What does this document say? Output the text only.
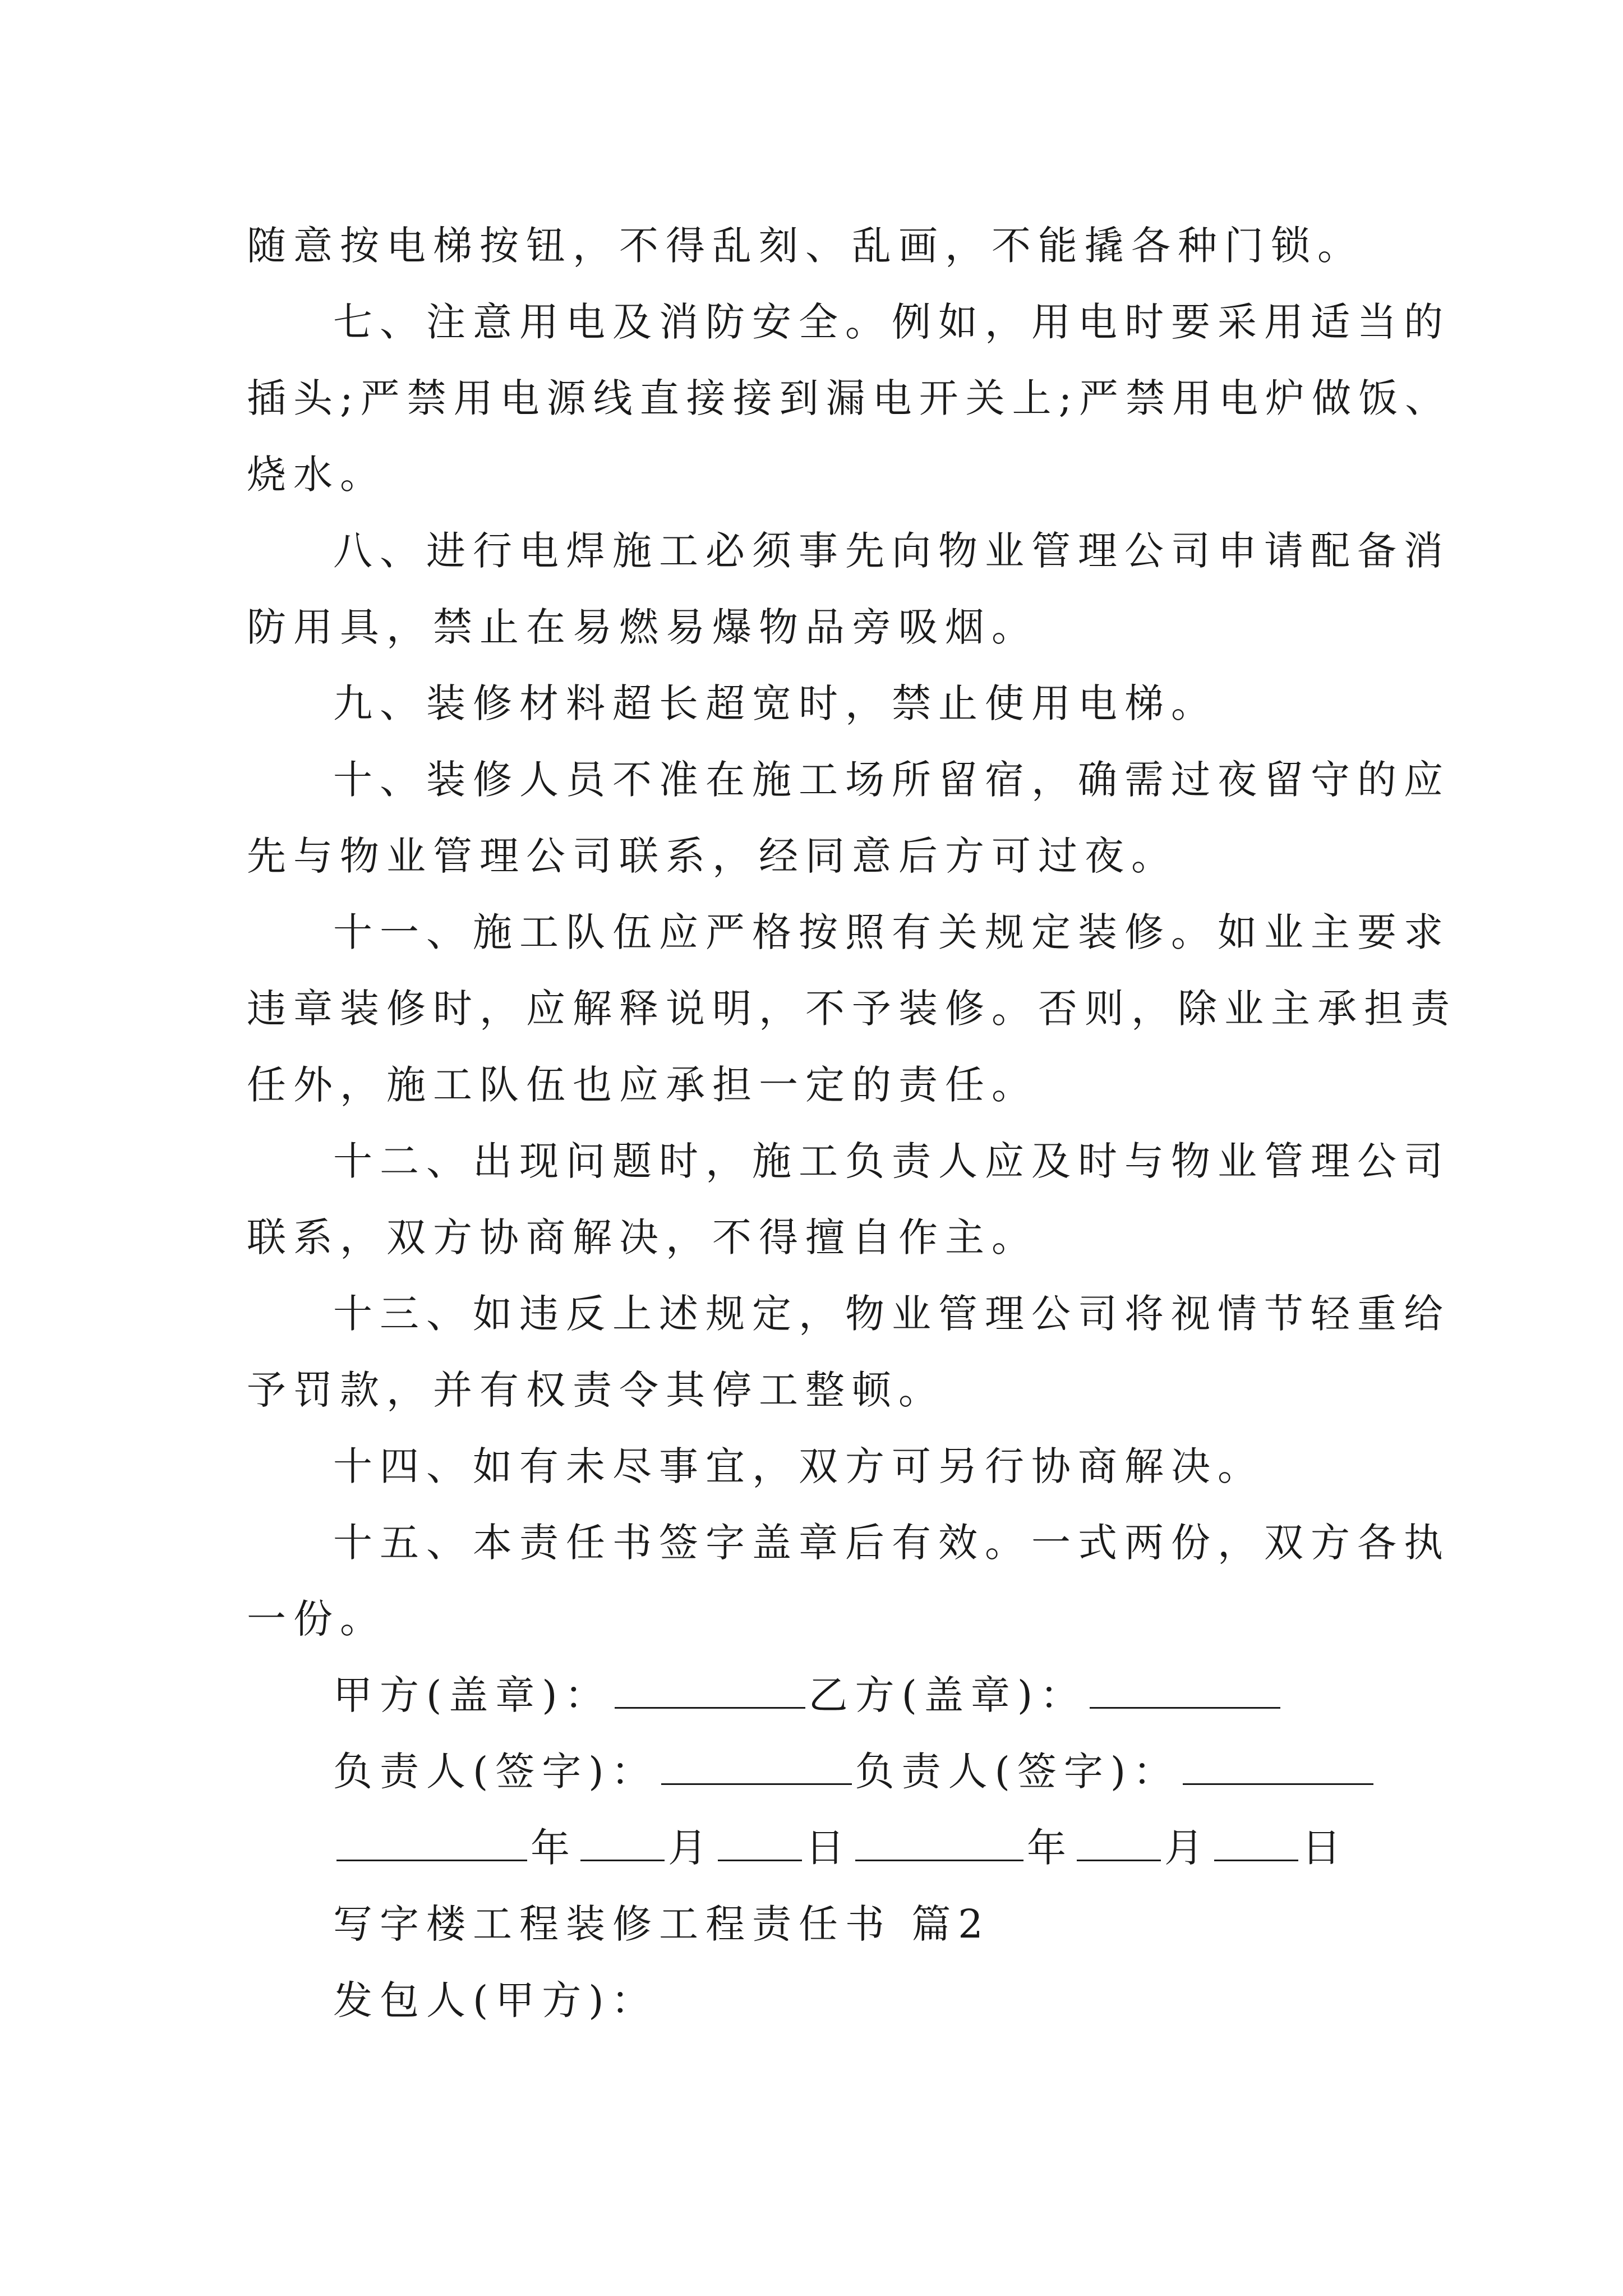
随意按电梯按钮，不得乱刻、乱画，不能撬各种门锁。
七、注意用电及消防安全。例如，用电时要采用适当的
插头;严禁用电源线直接接到漏电开关上;严禁用电炉做饭、
烧水。
八、进行电焊施工必须事先向物业管理公司申请配备消
防用具，禁止在易燃易爆物品旁吸烟。
九、装修材料超长超宽时，禁止使用电梯。
十、装修人员不准在施工场所留宿，确需过夜留守的应
先与物业管理公司联系，经同意后方可过夜。
十一、施工队伍应严格按照有关规定装修。如业主要求
违章装修时，应解释说明，不予装修。否则，除业主承担责
任外，施工队伍也应承担一定的责任。
十二、出现问题时，施工负责人应及时与物业管理公司
联系，双方协商解决，不得擅自作主。
十三、如违反上述规定，物业管理公司将视情节轻重给
予罚款，并有权责令其停工整顿。
十四、如有未尽事宜，双方可另行协商解决。
十五、本责任书签字盖章后有效。一式两份，双方各执
一份。
甲方(盖章)：	乙方(盖章)：
负责人(签字)：	负责人(签字)：
年 月 日	年 月 日
写字楼工程装修工程责任书 篇2
发包人(甲方)：
